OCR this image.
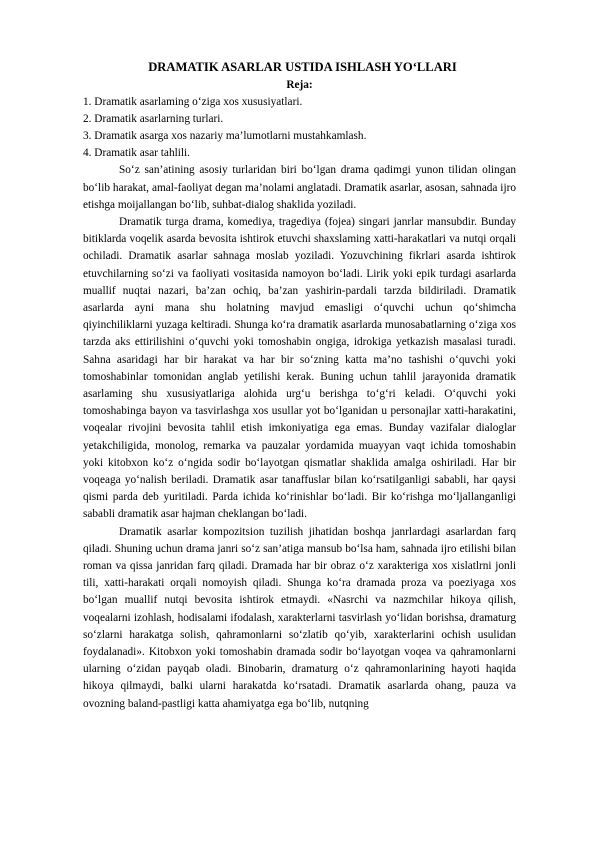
DRAMATIK ASARLAR USTIDA ISHLASH YO‘LLARI
Reja:
1. Dramatik asarlaming o‘ziga xos xususiyatlari.
2. Dramatik asarlarning turlari.
3. Dramatik asarga xos nazariy ma’lumotlarni mustahkamlash.
4. Dramatik asar tahlili.

So‘z san’atining asosiy turlaridan biri bo‘lgan drama qadimgi yunon tilidan olingan bo‘lib harakat, amal-faoliyat degan ma’nolami anglatadi. Dramatik asarlar, asosan, sahnada ijro etishga moijallangan bo‘lib, suhbat-dialog shaklida yoziladi.

Dramatik turga drama, komediya, tragediya (fojea) singari janrlar mansubdir. Bunday bitiklarda voqelik asarda bevosita ishtirok etuvchi shaxslaming xatti-harakatlari va nutqi orqali ochiladi. Dramatik asarlar sahnaga moslab yoziladi. Yozuvchining fikrlari asarda ishtirok etuvchilarning so‘zi va faoliyati vositasida namoyon bo‘ladi. Lirik yoki epik turdagi asarlarda muallif nuqtai nazari, ba’zan ochiq, ba’zan yashirin-pardali tarzda bildiriladi. Dramatik asarlarda ayni mana shu holatning mavjud emasligi o‘quvchi uchun qo‘shimcha qiyinchiliklarni yuzaga keltiradi. Shunga ko‘ra dramatik asarlarda munosabatlarning o‘ziga xos tarzda aks ettirilishini o‘quvchi yoki tomoshabin ongiga, idrokiga yetkazish masalasi turadi. Sahna asaridagi har bir harakat va har bir so‘zning katta ma’no tashishi o‘quvchi yoki tomoshabinlar tomonidan anglab yetilishi kerak. Buning uchun tahlil jarayonida dramatik asarlaming shu xususiyatlariga alohida urg‘u berishga to‘g‘ri keladi. O‘quvchi yoki tomoshabinga bayon va tasvirlashga xos usullar yot bo‘lganidan u personajlar xatti-harakatini, voqealar rivojini bevosita tahlil etish imkoniyatiga ega emas. Bunday vazifalar dialoglar yetakchiligida, monolog, remarka va pauzalar yordamida muayyan vaqt ichida tomoshabin yoki kitobxon ko‘z o‘ngida sodir bo‘layotgan qismatlar shaklida amalga oshiriladi. Har bir voqeaga yo‘nalish beriladi. Dramatik asar tanaffuslar bilan ko‘rsatilganligi sababli, har qaysi qismi parda deb yuritiladi. Parda ichida ko‘rinishlar bo‘ladi. Bir ko‘rishga mo‘ljallanganligi sababli dramatik asar hajman cheklangan bo‘ladi.

Dramatik asarlar kompozitsion tuzilish jihatidan boshqa janrlardagi asarlardan farq qiladi. Shuning uchun drama janri so‘z san’atiga mansub bo‘lsa ham, sahnada ijro etilishi bilan roman va qissa janridan farq qiladi. Dramada har bir obraz o‘z xarakteriga xos xislatlrni jonli tili, xatti-harakati orqali nomoyish qiladi. Shunga ko‘ra dramada proza va poeziyaga xos bo‘lgan muallif nutqi bevosita ishtirok etmaydi. «Nasrchi va nazmchilar hikoya qilish, voqealarni izohlash, hodisalami ifodalash, xarakterlarni tasvirlash yo‘lidan borishsa, dramaturg so‘zlarni harakatga solish, qahramonlarni so‘zlatib qo‘yib, xarakterlarini ochish usulidan foydalanadi». Kitobxon yoki tomoshabin dramada sodir bo‘layotgan voqea va qahramonlarni ularning o‘zidan payqab oladi. Binobarin, dramaturg o‘z qahramonlarining hayoti haqida hikoya qilmaydi, balki ularni harakatda ko‘rsatadi. Dramatik asarlarda ohang, pauza va ovozning baland-pastligi katta ahamiyatga ega bo‘lib, nutqning
